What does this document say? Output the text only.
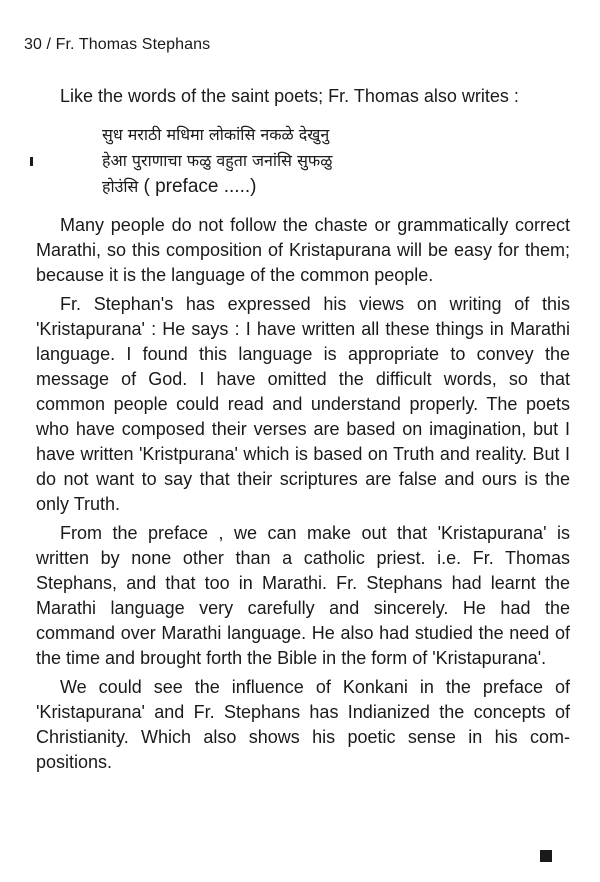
30 / Fr. Thomas Stephans

Like the words of the saint poets; Fr. Thomas also writes :

सुध मराठी मधिमा लोकांसि नकळे देखुनु
हेआ पुराणाचा फळु वहुता जनांसि सुफळु
होउंसि ( preface .....)

Many people do not follow the chaste or grammatically correct Marathi, so this composition of Kristapurana will be easy for them; because it is the language of the common people.

Fr. Stephan's has expressed his views on writing of this 'Kristapurana' : He says : I have written all these things in Marathi language. I found this language is appropriate to convey the message of God. I have omitted the difficult words, so that common people could read and understand properly. The poets who have composed their verses are based on imagination, but I have written 'Kristpurana' which is based on Truth and reality. But I do not want to say that their scriptures are false and ours is the only Truth.

From the preface , we can make out that 'Kristapurana' is written by none other than a catholic priest. i.e. Fr. Thomas Stephans, and that too in Marathi. Fr. Stephans had learnt the Marathi language very carefully and sincerely. He had the command over Marathi language. He also had studied the need of the time and brought forth the Bible in the form of 'Kristapurana'.

We could see the influence of Konkani in the preface of 'Kristapurana' and Fr. Stephans has Indianized the concepts of Christianity. Which also shows his poetic sense in his compositions.
